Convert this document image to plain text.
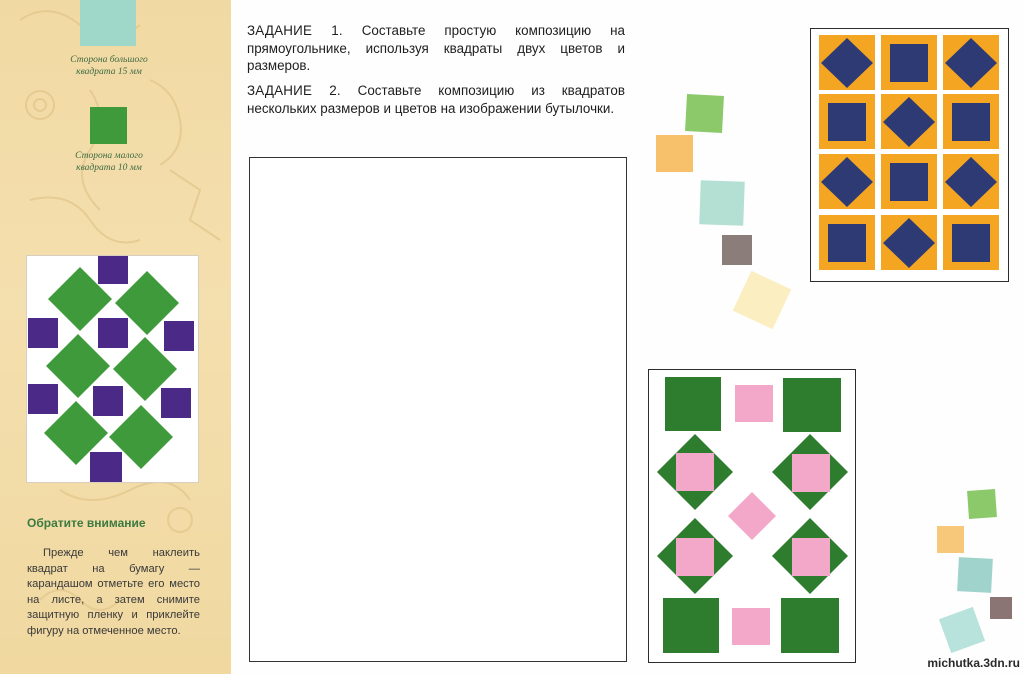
Сторона большого
квадрата 15 мм
Сторона малого
квадрата 10 мм
Обратите внимание

Прежде чем наклеить квадрат на бумагу — карандашом отметьте его место на листе, а затем снимите защитную пленку и приклейте фигуру на отмеченное место.

ЗАДАНИЕ 1. Составьте простую композицию на прямоугольнике, используя квадраты двух цветов и размеров.

ЗАДАНИЕ 2. Составьте композицию из квадратов нескольких размеров и цветов на изображении бутылочки.

michutka.3dn.ru
